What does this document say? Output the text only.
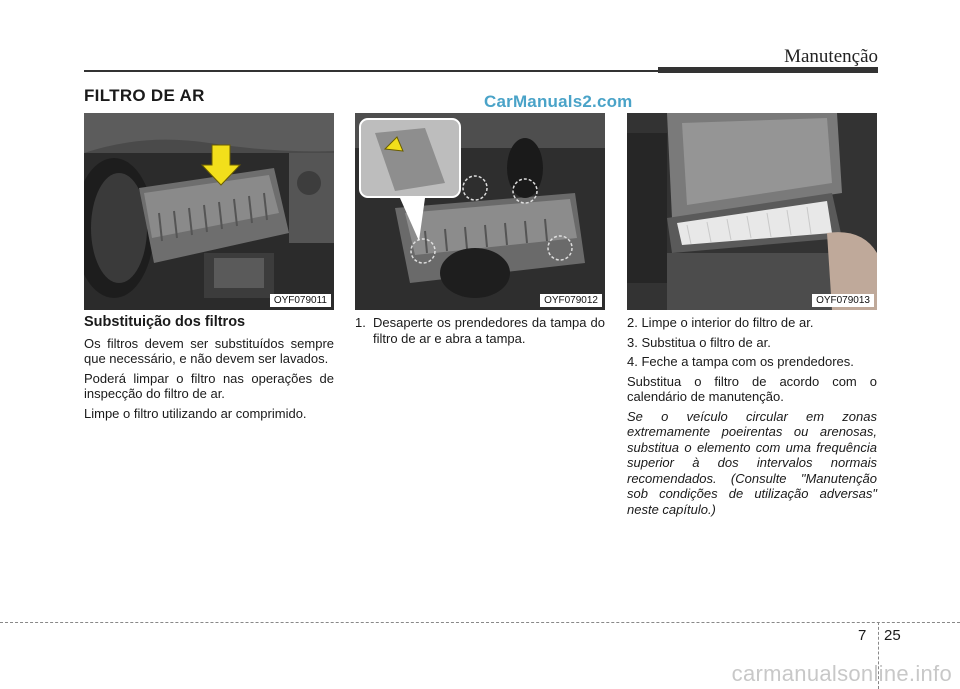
Manutenção
FILTRO DE AR	CarManuals2.com
OYF079011	OYF079012	OYF079013
Substituição dos filtros

Os filtros devem ser substituídos sempre que necessário, e não devem ser lavados.

Poderá limpar o filtro nas operações de inspecção do filtro de ar.

Limpe o filtro utilizando ar comprimido.

1. Desaperte os prendedores da tampa do filtro de ar e abra a tampa.

2. Limpe o interior do filtro de ar.

3. Substitua o filtro de ar.

4. Feche a tampa com os prendedores.

Substitua o filtro de acordo com o calendário de manutenção.

Se o veículo circular em zonas extremamente poeirentas ou arenosas, substitua o elemento com uma frequência superior à dos intervalos normais recomendados. (Consulte "Manutenção sob condições de utilização adversas" neste capítulo.)

7 25
carmanualsonline.info
